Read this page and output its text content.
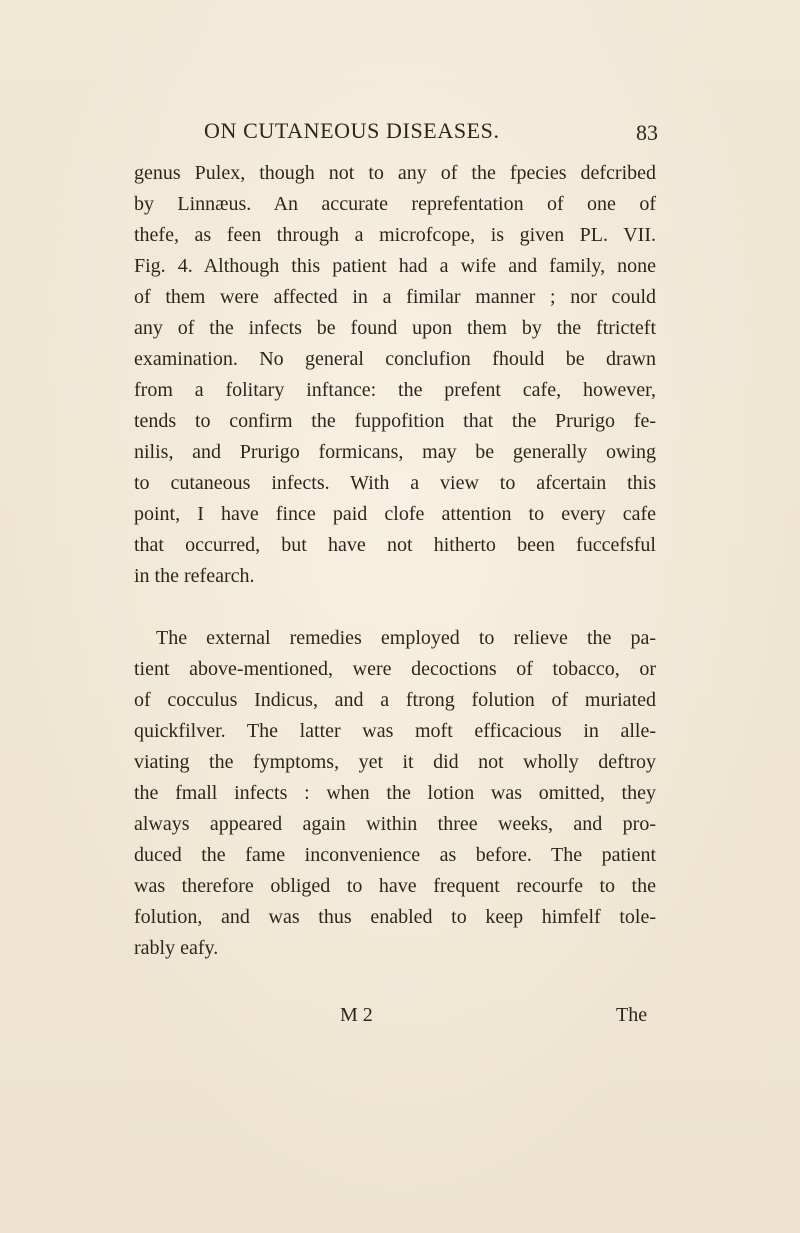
ON CUTANEOUS DISEASES.	83
genus Pulex, though not to any of the fpecies defcribed
by Linnæus. An accurate reprefentation of one of
thefe, as feen through a microfcope, is given PL. VII.
Fig. 4. Although this patient had a wife and family, none
of them were affected in a fimilar manner ; nor could
any of the infects be found upon them by the ftricteft
examination. No general conclufion fhould be drawn
from a folitary inftance: the prefent cafe, however,
tends to confirm the fuppofition that the Prurigo fe-
nilis, and Prurigo formicans, may be generally owing
to cutaneous infects. With a view to afcertain this
point, I have fince paid clofe attention to every cafe
that occurred, but have not hitherto been fuccefsful
in the refearch.
The external remedies employed to relieve the pa-
tient above-mentioned, were decoctions of tobacco, or
of cocculus Indicus, and a ftrong folution of muriated
quickfilver. The latter was moft efficacious in alle-
viating the fymptoms, yet it did not wholly deftroy
the fmall infects : when the lotion was omitted, they
always appeared again within three weeks, and pro-
duced the fame inconvenience as before. The patient
was therefore obliged to have frequent recourfe to the
folution, and was thus enabled to keep himfelf tole-
rably eafy.
M 2	The
